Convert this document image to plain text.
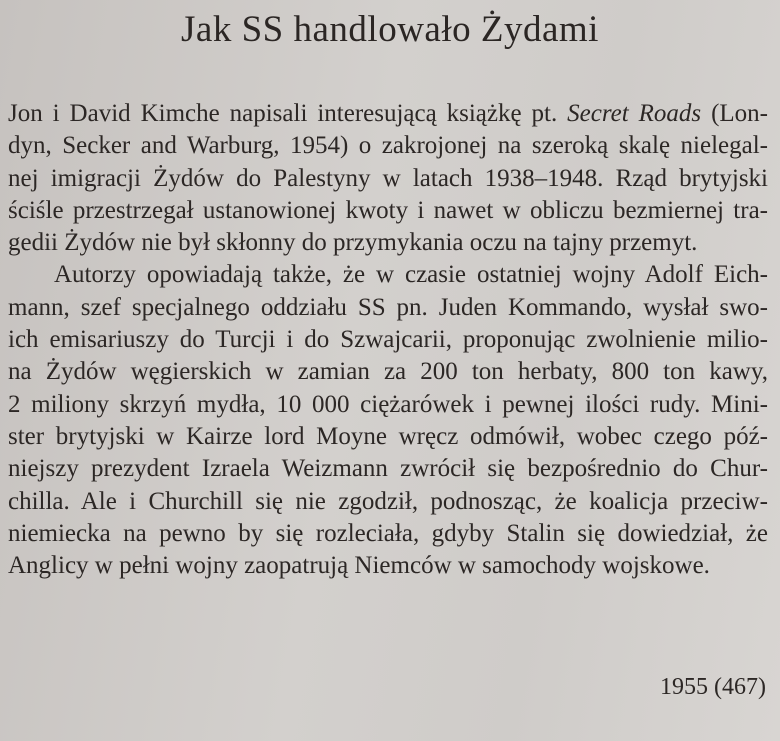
Jak SS handlowało Żydami
Jon i David Kimche napisali interesującą książkę pt. Secret Roads (Lon-
dyn, Secker and Warburg, 1954) o zakrojonej na szeroką skalę nielegal-
nej imigracji Żydów do Palestyny w latach 1938–1948. Rząd brytyjski
ściśle przestrzegał ustanowionej kwoty i nawet w obliczu bezmiernej tra-
gedii Żydów nie był skłonny do przymykania oczu na tajny przemyt.
Autorzy opowiadają także, że w czasie ostatniej wojny Adolf Eich-
mann, szef specjalnego oddziału SS pn. Juden Kommando, wysłał swo-
ich emisariuszy do Turcji i do Szwajcarii, proponując zwolnienie milio-
na Żydów węgierskich w zamian za 200 ton herbaty, 800 ton kawy,
2 miliony skrzyń mydła, 10 000 ciężarówek i pewnej ilości rudy. Mini-
ster brytyjski w Kairze lord Moyne wręcz odmówił, wobec czego póź-
niejszy prezydent Izraela Weizmann zwrócił się bezpośrednio do Chur-
chilla. Ale i Churchill się nie zgodził, podnosząc, że koalicja przeciw-
niemiecka na pewno by się rozleciała, gdyby Stalin się dowiedział, że
Anglicy w pełni wojny zaopatrują Niemców w samochody wojskowe.
1955 (467)
